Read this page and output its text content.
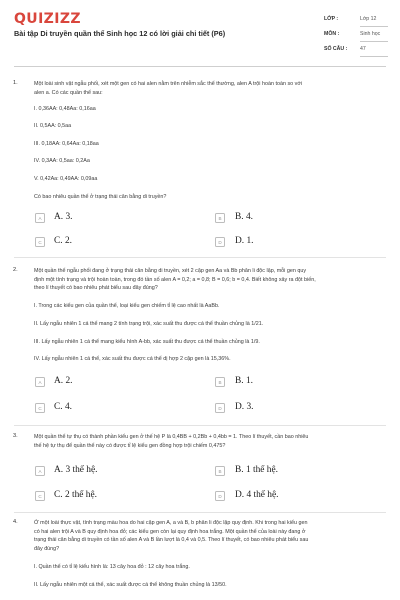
QUIZIZZ
Bài tập Di truyền quần thể Sinh học 12 có lời giải chi tiết (P6)
LỚP :	Lớp 12
MÔN :	Sinh học
SỐ CÂU : 47
1.	Một loài sinh vật ngẫu phối, xét một gen có hai alen nằm trên nhiễm sắc thể thường, alen A trội hoàn toàn so với
alen a. Có các quần thể sau:
I. 0,36AA: 0,48Aa: 0,16aa
II. 0,5AA: 0,5aa
III. 0,18AA: 0,64Aa: 0,18aa
IV. 0,3AA: 0,5aa: 0,2Aa
V. 0,42Aa: 0,49AA: 0,09aa
Có bao nhiêu quần thể ở trạng thái cân bằng di truyền?
A	A. 3.	B	B. 4.
C	C. 2.	D	D. 1.
2.	Một quần thể ngẫu phối đang ở trạng thái cân bằng di truyền, xét 2 cặp gen Aa và Bb phân li độc lập, mỗi gen quy
định một tính trạng và trội hoàn toàn, trong đó tần số alen A = 0,2; a = 0,8; B = 0,6; b = 0,4. Biết không xảy ra đột biến,
theo lí thuyết có bao nhiêu phát biểu sau đây đúng?
I. Trong các kiểu gen của quần thể, loại kiểu gen chiếm tỉ lệ cao nhất là AaBb.
II. Lấy ngẫu nhiên 1 cá thể mang 2 tính trạng trội, xác suất thu được cá thể thuần chủng là 1/21.
III. Lấy ngẫu nhiên 1 cá thể mang kiểu hình A-bb, xác suất thu được cá thể thuần chủng là 1/9.
IV. Lấy ngẫu nhiên 1 cá thể, xác suất thu được cá thể dị hợp 2 cặp gen là 15,36%.
A	A. 2.	B	B. 1.
C	C. 4.	D	D. 3.
3.	Một quần thể tự thụ có thành phần kiểu gen ở thế hệ P là 0,4BB + 0,2Bb + 0,4bb = 1. Theo lí thuyết, cần bao nhiêu
thế hệ tự thụ để quần thể này có được tỉ lệ kiểu gen đồng hợp trội chiếm 0,475?
A	A. 3 thế hệ.	B	B. 1 thế hệ.
C	C. 2 thế hệ.	D	D. 4 thế hệ.
4.	Ở một loài thực vật, tính trạng màu hoa do hai cặp gen A, a và B, b phân li độc lập quy định. Khi trong hai kiểu gen
có hai alen trội A và B quy định hoa đỏ; các kiểu gen còn lại quy định hoa trắng. Một quần thể của loài này đang ở
trạng thái cân bằng di truyền có tần số alen A và B lần lượt là 0,4 và 0,5. Theo lí thuyết, có bao nhiêu phát biểu sau
đây đúng?
I. Quần thể có tỉ lệ kiểu hình là: 13 cây hoa đỏ : 12 cây hoa trắng.
II. Lấy ngẫu nhiên một cá thể, xác suất được cá thể không thuần chủng là 13/50.
